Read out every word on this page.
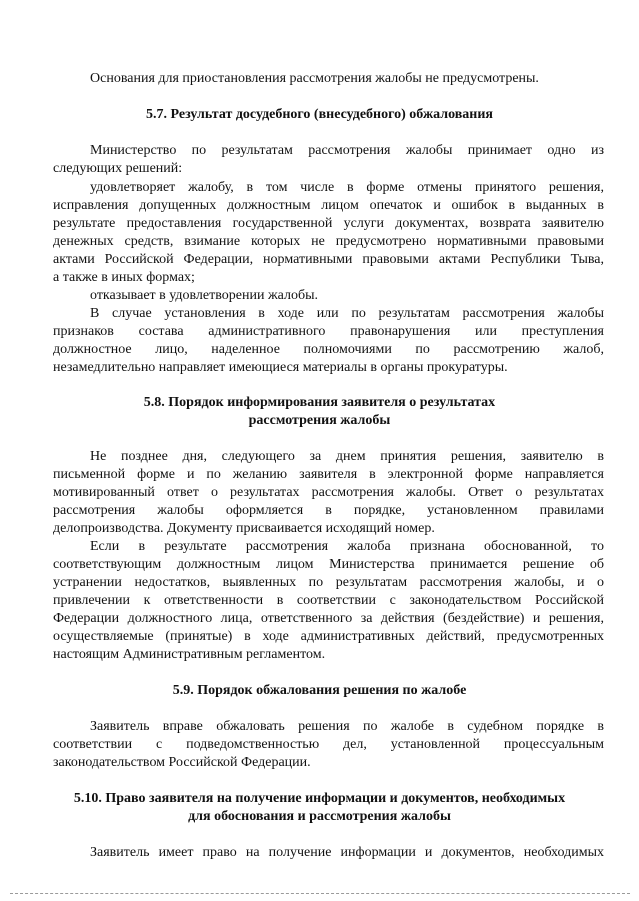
Основания для приостановления рассмотрения жалобы не предусмотрены.
5.7. Результат досудебного (внесудебного) обжалования
Министерство по результатам рассмотрения жалобы принимает одно из
следующих решений:
удовлетворяет жалобу, в том числе в форме отмены принятого решения,
исправления допущенных должностным лицом опечаток и ошибок в выданных в
результате предоставления государственной услуги документах, возврата заявителю
денежных средств, взимание которых не предусмотрено нормативными правовыми
актами Российской Федерации, нормативными правовыми актами Республики Тыва,
а также в иных формах;
отказывает в удовлетворении жалобы.
В случае установления в ходе или по результатам рассмотрения жалобы
признаков состава административного правонарушения или преступления
должностное лицо, наделенное полномочиями по рассмотрению жалоб,
незамедлительно направляет имеющиеся материалы в органы прокуратуры.
5.8. Порядок информирования заявителя о результатах
рассмотрения жалобы
Не позднее дня, следующего за днем принятия решения, заявителю в
письменной форме и по желанию заявителя в электронной форме направляется
мотивированный ответ о результатах рассмотрения жалобы. Ответ о результатах
рассмотрения жалобы оформляется в порядке, установленном правилами
делопроизводства. Документу присваивается исходящий номер.
Если в результате рассмотрения жалоба признана обоснованной, то
соответствующим должностным лицом Министерства принимается решение об
устранении недостатков, выявленных по результатам рассмотрения жалобы, и о
привлечении к ответственности в соответствии с законодательством Российской
Федерации должностного лица, ответственного за действия (бездействие) и решения,
осуществляемые (принятые) в ходе административных действий, предусмотренных
настоящим Административным регламентом.
5.9. Порядок обжалования решения по жалобе
Заявитель вправе обжаловать решения по жалобе в судебном порядке в
соответствии с подведомственностью дел, установленной процессуальным
законодательством Российской Федерации.
5.10. Право заявителя на получение информации и документов, необходимых
для обоснования и рассмотрения жалобы
Заявитель имеет право на получение информации и документов, необходимых
